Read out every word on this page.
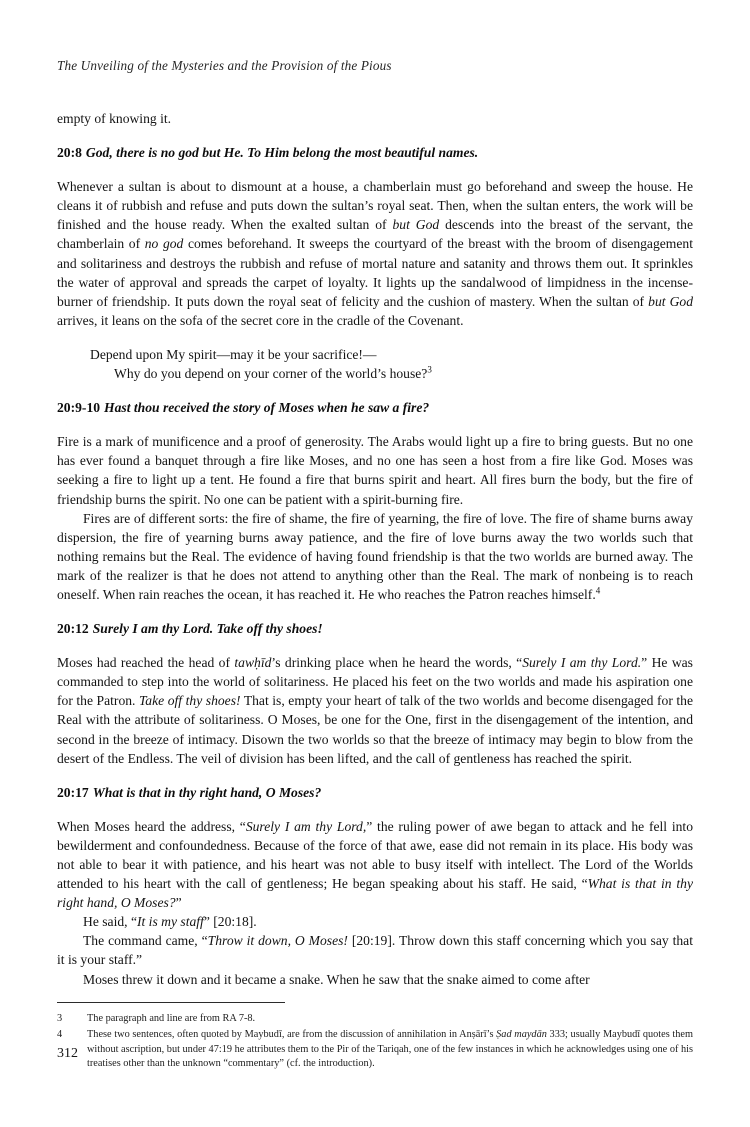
The Unveiling of the Mysteries and the Provision of the Pious

empty of knowing it.

20:8 God, there is no god but He. To Him belong the most beautiful names.

Whenever a sultan is about to dismount at a house, a chamberlain must go beforehand and sweep the house. He cleans it of rubbish and refuse and puts down the sultan’s royal seat. Then, when the sultan enters, the work will be finished and the house ready. When the exalted sultan of but God descends into the breast of the servant, the chamberlain of no god comes beforehand. It sweeps the courtyard of the breast with the broom of disengagement and solitariness and destroys the rubbish and refuse of mortal nature and satanity and throws them out. It sprinkles the water of approval and spreads the carpet of loyalty. It lights up the sandalwood of limpidness in the incense-burner of friendship. It puts down the royal seat of felicity and the cushion of mastery. When the sultan of but God arrives, it leans on the sofa of the secret core in the cradle of the Covenant.

Depend upon My spirit—may it be your sacrifice!—
Why do you depend on your corner of the world’s house?$^3$
20:9-10 Hast thou received the story of Moses when he saw a fire?

Fire is a mark of munificence and a proof of generosity. The Arabs would light up a fire to bring guests. But no one has ever found a banquet through a fire like Moses, and no one has seen a host from a fire like God. Moses was seeking a fire to light up a tent. He found a fire that burns spirit and heart. All fires burn the body, but the fire of friendship burns the spirit. No one can be patient with a spirit-burning fire.

Fires are of different sorts: the fire of shame, the fire of yearning, the fire of love. The fire of shame burns away dispersion, the fire of yearning burns away patience, and the fire of love burns away the two worlds such that nothing remains but the Real. The evidence of having found friendship is that the two worlds are burned away. The mark of the realizer is that he does not attend to anything other than the Real. The mark of nonbeing is to reach oneself. When rain reaches the ocean, it has reached it. He who reaches the Patron reaches himself.$^4$

20:12 Surely I am thy Lord. Take off thy shoes!

Moses had reached the head of tawḥīd’s drinking place when he heard the words, “Surely I am thy Lord.” He was commanded to step into the world of solitariness. He placed his feet on the two worlds and made his aspiration one for the Patron. Take off thy shoes! That is, empty your heart of talk of the two worlds and become disengaged for the Real with the attribute of solitariness. O Moses, be one for the One, first in the disengagement of the intention, and second in the breeze of intimacy. Disown the two worlds so that the breeze of intimacy may begin to blow from the desert of the Endless. The veil of division has been lifted, and the call of gentleness has reached the spirit.

20:17 What is that in thy right hand, O Moses?

When Moses heard the address, “Surely I am thy Lord,” the ruling power of awe began to attack and he fell into bewilderment and confoundedness. Because of the force of that awe, ease did not remain in its place. His body was not able to bear it with patience, and his heart was not able to busy itself with intellect. The Lord of the Worlds attended to his heart with the call of gentleness; He began speaking about his staff. He said, “What is that in thy right hand, O Moses?”

He said, “It is my staff” [20:18].

The command came, “Throw it down, O Moses! [20:19]. Throw down this staff concerning which you say that it is your staff.”

Moses threw it down and it became a snake. When he saw that the snake aimed to come after

3	The paragraph and line are from RA 7-8.
4	These two sentences, often quoted by Maybudī, are from the discussion of annihilation in Anṣārī’s Ṣad maydān 333; usually Maybudī quotes them without ascription, but under 47:19 he attributes them to the Pir of the Tariqah, one of the few instances in which he acknowledges using one of his treatises other than the unknown “commentary” (cf. the introduction).
312
